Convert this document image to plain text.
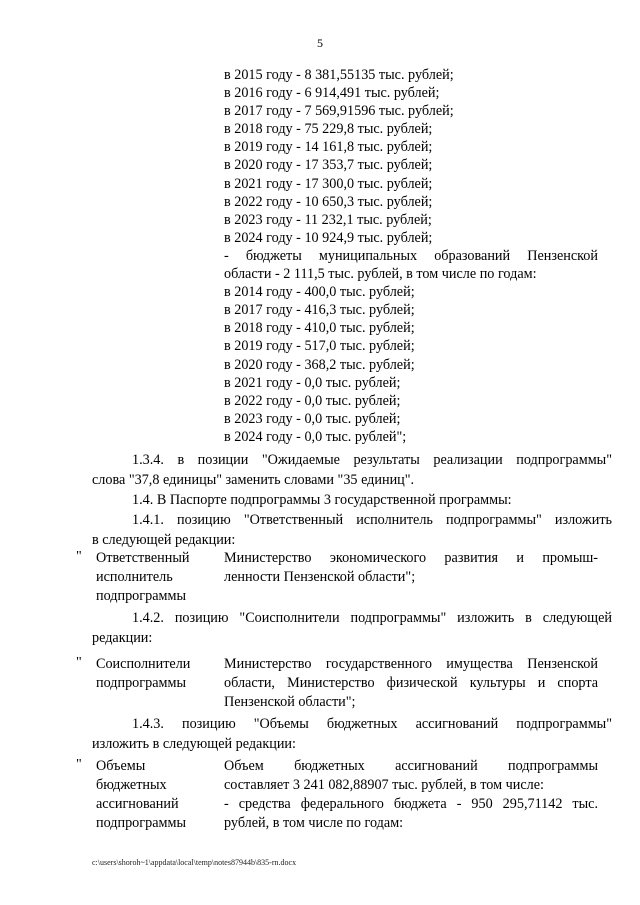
5
в 2015 году - 8 381,55135 тыс. рублей;
в 2016 году - 6 914,491 тыс. рублей;
в 2017 году - 7 569,91596 тыс. рублей;
в 2018 году - 75 229,8 тыс. рублей;
в 2019 году - 14 161,8 тыс. рублей;
в 2020 году - 17 353,7 тыс. рублей;
в 2021 году - 17 300,0 тыс. рублей;
в 2022 году - 10 650,3 тыс. рублей;
в 2023 году - 11 232,1 тыс. рублей;
в 2024 году - 10 924,9 тыс. рублей;
- бюджеты муниципальных образований Пензенской
области - 2 111,5 тыс. рублей, в том числе по годам:
в 2014 году - 400,0 тыс. рублей;
в 2017 году - 416,3 тыс. рублей;
в 2018 году - 410,0 тыс. рублей;
в 2019 году - 517,0 тыс. рублей;
в 2020 году - 368,2 тыс. рублей;
в 2021 году - 0,0 тыс. рублей;
в 2022 году - 0,0 тыс. рублей;
в 2023 году - 0,0 тыс. рублей;
в 2024 году - 0,0 тыс. рублей";
1.3.4. в позиции "Ожидаемые результаты реализации подпрограммы"
слова "37,8 единицы" заменить словами "35 единиц".
1.4. В Паспорте подпрограммы 3 государственной программы:
1.4.1. позицию "Ответственный исполнитель подпрограммы" изложить
в следующей редакции:
" Ответственный
исполнитель
подпрограммы
Министерство экономического развития и промыш-
ленности Пензенской области";
1.4.2. позицию "Соисполнители подпрограммы" изложить в следующей
редакции:
" Соисполнители
подпрограммы
Министерство государственного имущества Пензенской
области, Министерство физической культуры и спорта
Пензенской области";
1.4.3. позицию "Объемы бюджетных ассигнований подпрограммы"
изложить в следующей редакции:
" Объемы
бюджетных
ассигнований
подпрограммы
Объем бюджетных ассигнований подпрограммы
составляет 3 241 082,88907 тыс. рублей, в том числе:
- средства федерального бюджета - 950 295,71142 тыс.
рублей, в том числе по годам:
c:\users\shoroh~1\appdata\local\temp\notes87944b\835-rn.docx
